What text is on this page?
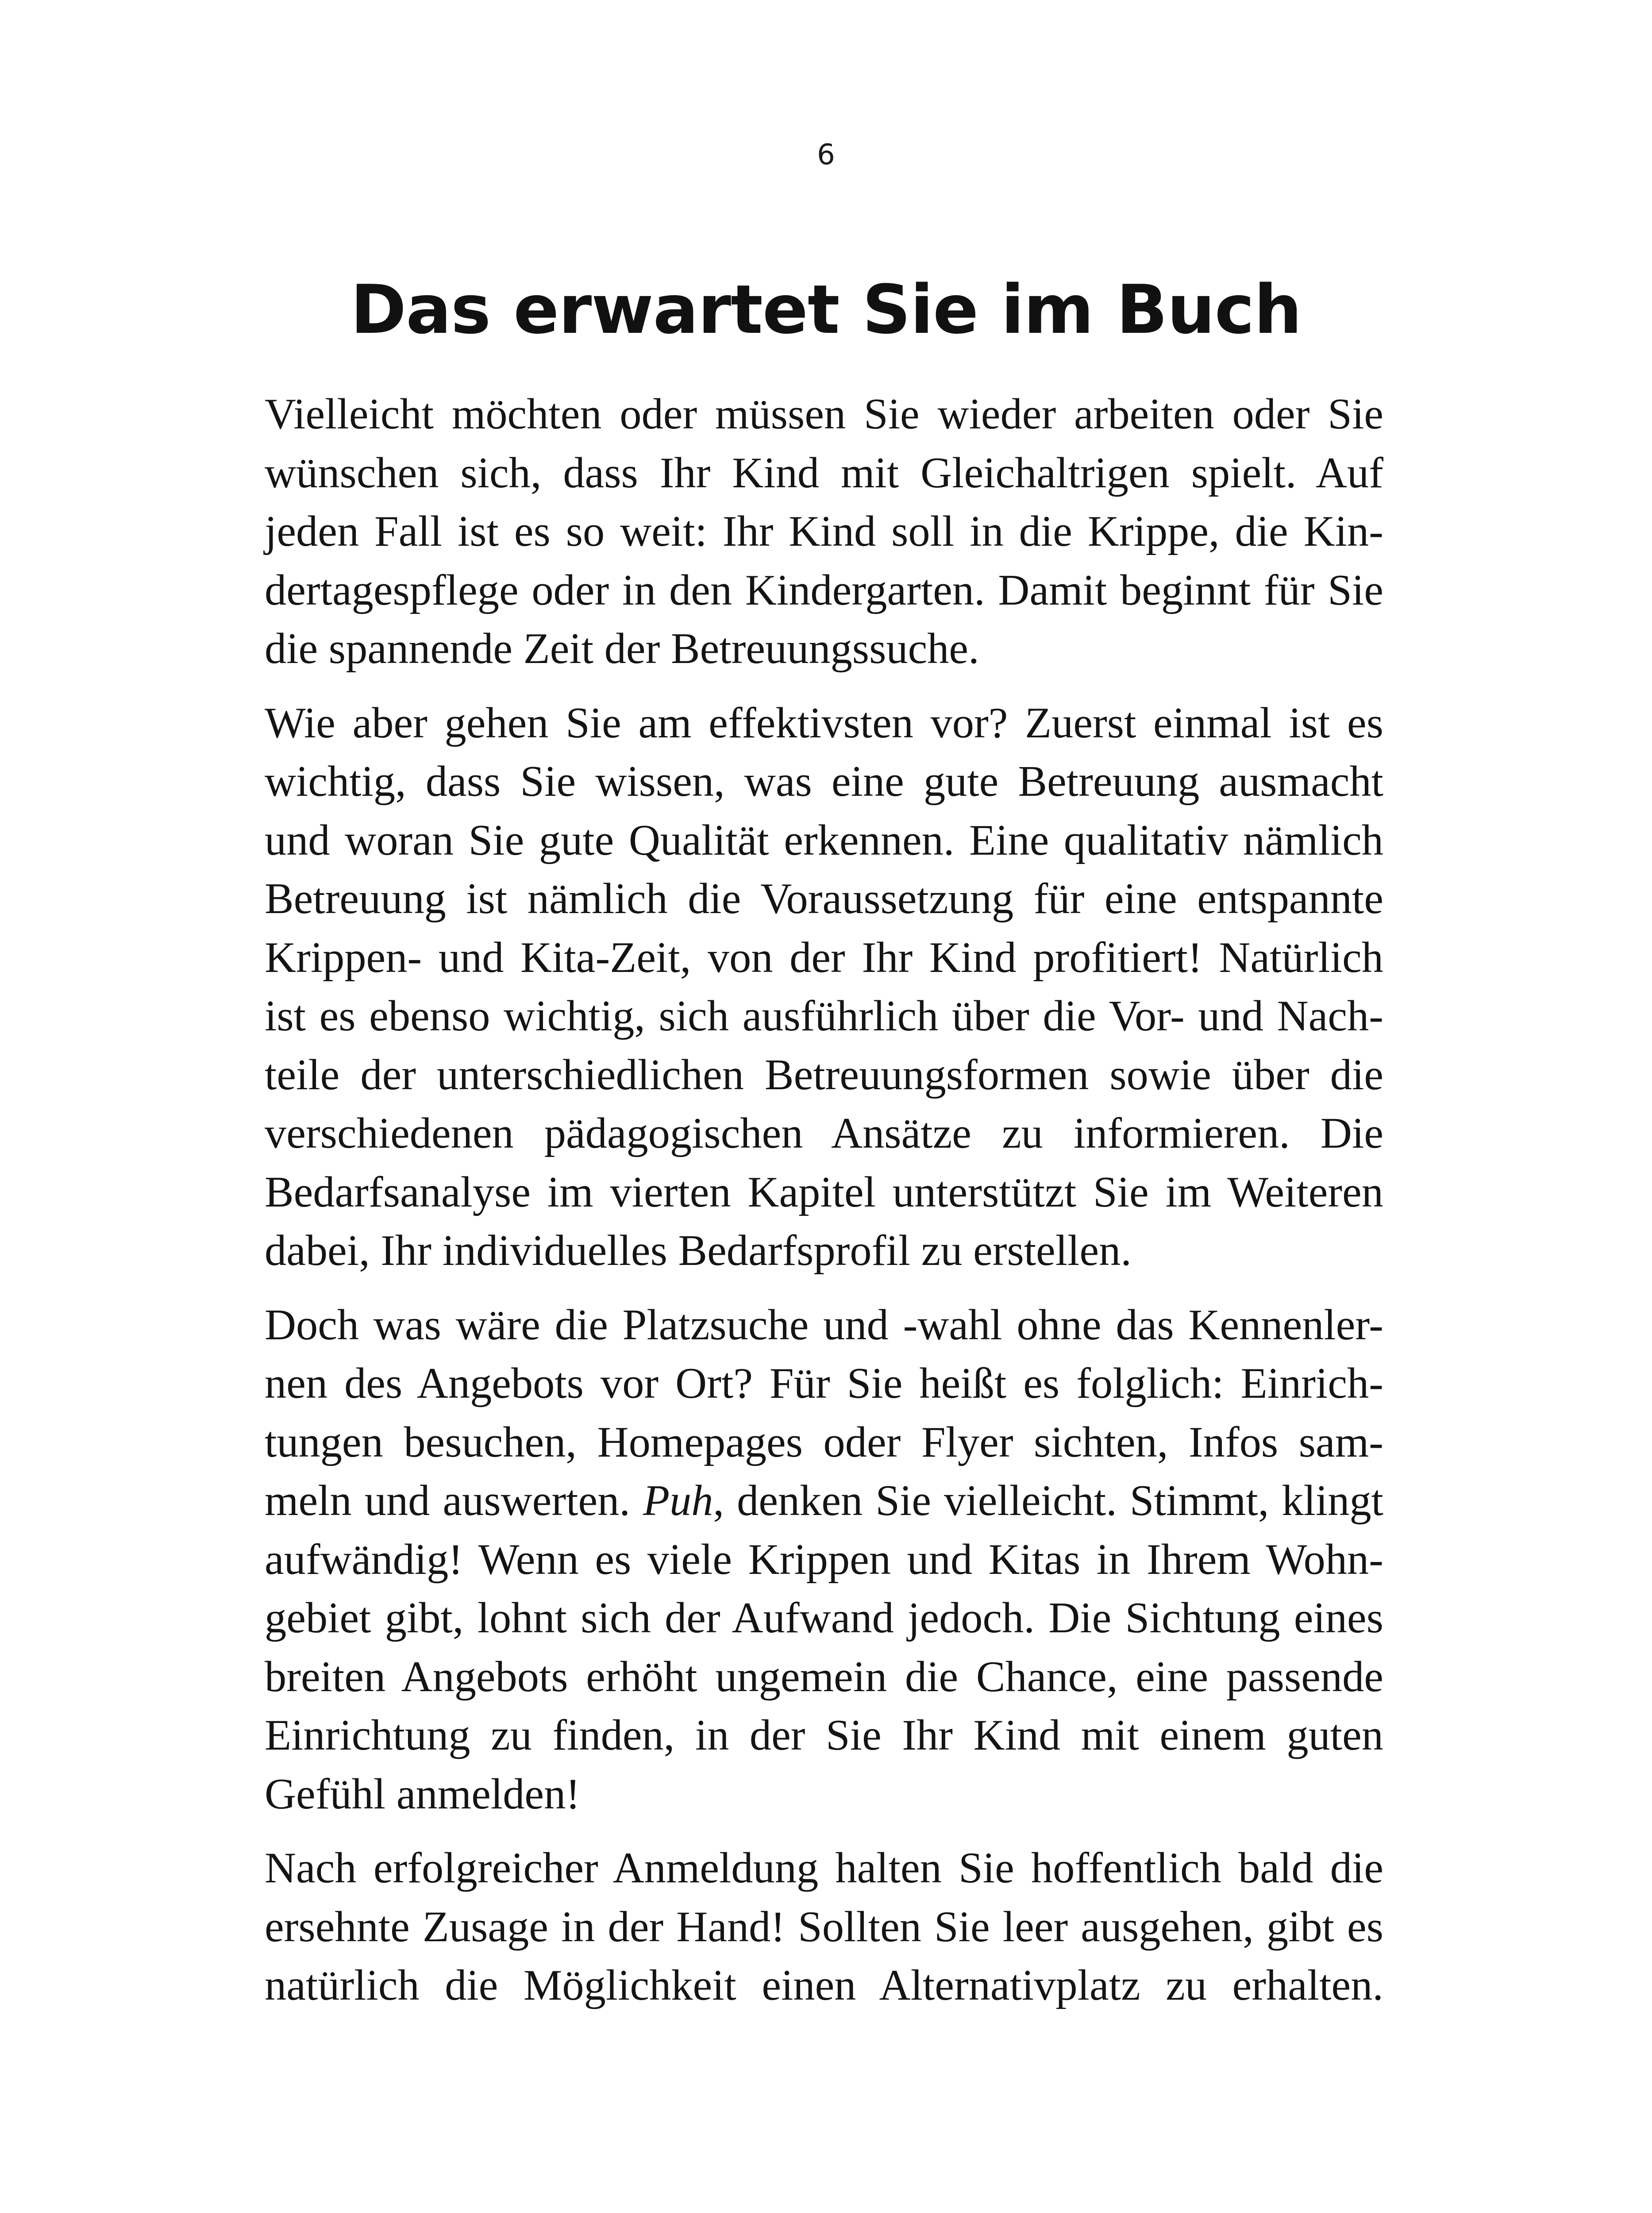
6
Das erwartet Sie im Buch

Vielleicht möchten oder müssen Sie wieder arbeiten oder Sie
wünschen sich, dass Ihr Kind mit Gleichaltrigen spielt. Auf
jeden Fall ist es so weit: Ihr Kind soll in die Krippe, die Kin-
dertagespflege oder in den Kindergarten. Damit beginnt für Sie
die spannende Zeit der Betreuungssuche.

Wie aber gehen Sie am effektivsten vor? Zuerst einmal ist es
wichtig, dass Sie wissen, was eine gute Betreuung ausmacht
und woran Sie gute Qualität erkennen. Eine qualitativ nämlich
Betreuung ist nämlich die Voraussetzung für eine entspannte
Krippen- und Kita-Zeit, von der Ihr Kind profitiert! Natürlich
ist es ebenso wichtig, sich ausführlich über die Vor- und Nach-
teile der unterschiedlichen Betreuungsformen sowie über die
verschiedenen pädagogischen Ansätze zu informieren. Die
Bedarfsanalyse im vierten Kapitel unterstützt Sie im Weiteren
dabei, Ihr individuelles Bedarfsprofil zu erstellen.

Doch was wäre die Platzsuche und -wahl ohne das Kennenler-
nen des Angebots vor Ort? Für Sie heißt es folglich: Einrich-
tungen besuchen, Homepages oder Flyer sichten, Infos sam-
meln und auswerten. Puh, denken Sie vielleicht. Stimmt, klingt
aufwändig! Wenn es viele Krippen und Kitas in Ihrem Wohn-
gebiet gibt, lohnt sich der Aufwand jedoch. Die Sichtung eines
breiten Angebots erhöht ungemein die Chance, eine passende
Einrichtung zu finden, in der Sie Ihr Kind mit einem guten
Gefühl anmelden!

Nach erfolgreicher Anmeldung halten Sie hoffentlich bald die
ersehnte Zusage in der Hand! Sollten Sie leer ausgehen, gibt es
natürlich die Möglichkeit einen Alternativplatz zu erhalten.
